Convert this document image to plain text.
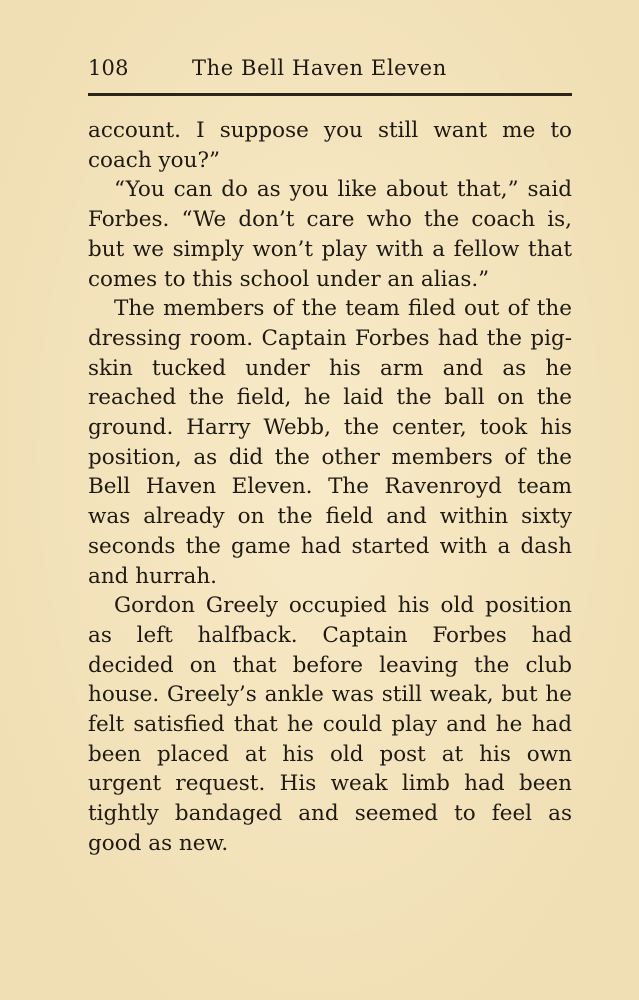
108	The Bell Haven Eleven

account. I suppose you still want me to coach you?”

“You can do as you like about that,” said Forbes. “We don’t care who the coach is, but we simply won’t play with a fellow that comes to this school under an alias.”

The members of the team filed out of the dressing room. Captain Forbes had the pig-skin tucked under his arm and as he reached the field, he laid the ball on the ground. Harry Webb, the center, took his position, as did the other members of the Bell Haven Eleven. The Ravenroyd team was already on the field and within sixty seconds the game had started with a dash and hurrah.

Gordon Greely occupied his old position as left halfback. Captain Forbes had decided on that before leaving the club house. Greely’s ankle was still weak, but he felt satisfied that he could play and he had been placed at his old post at his own urgent request. His weak limb had been tightly bandaged and seemed to feel as good as new.
